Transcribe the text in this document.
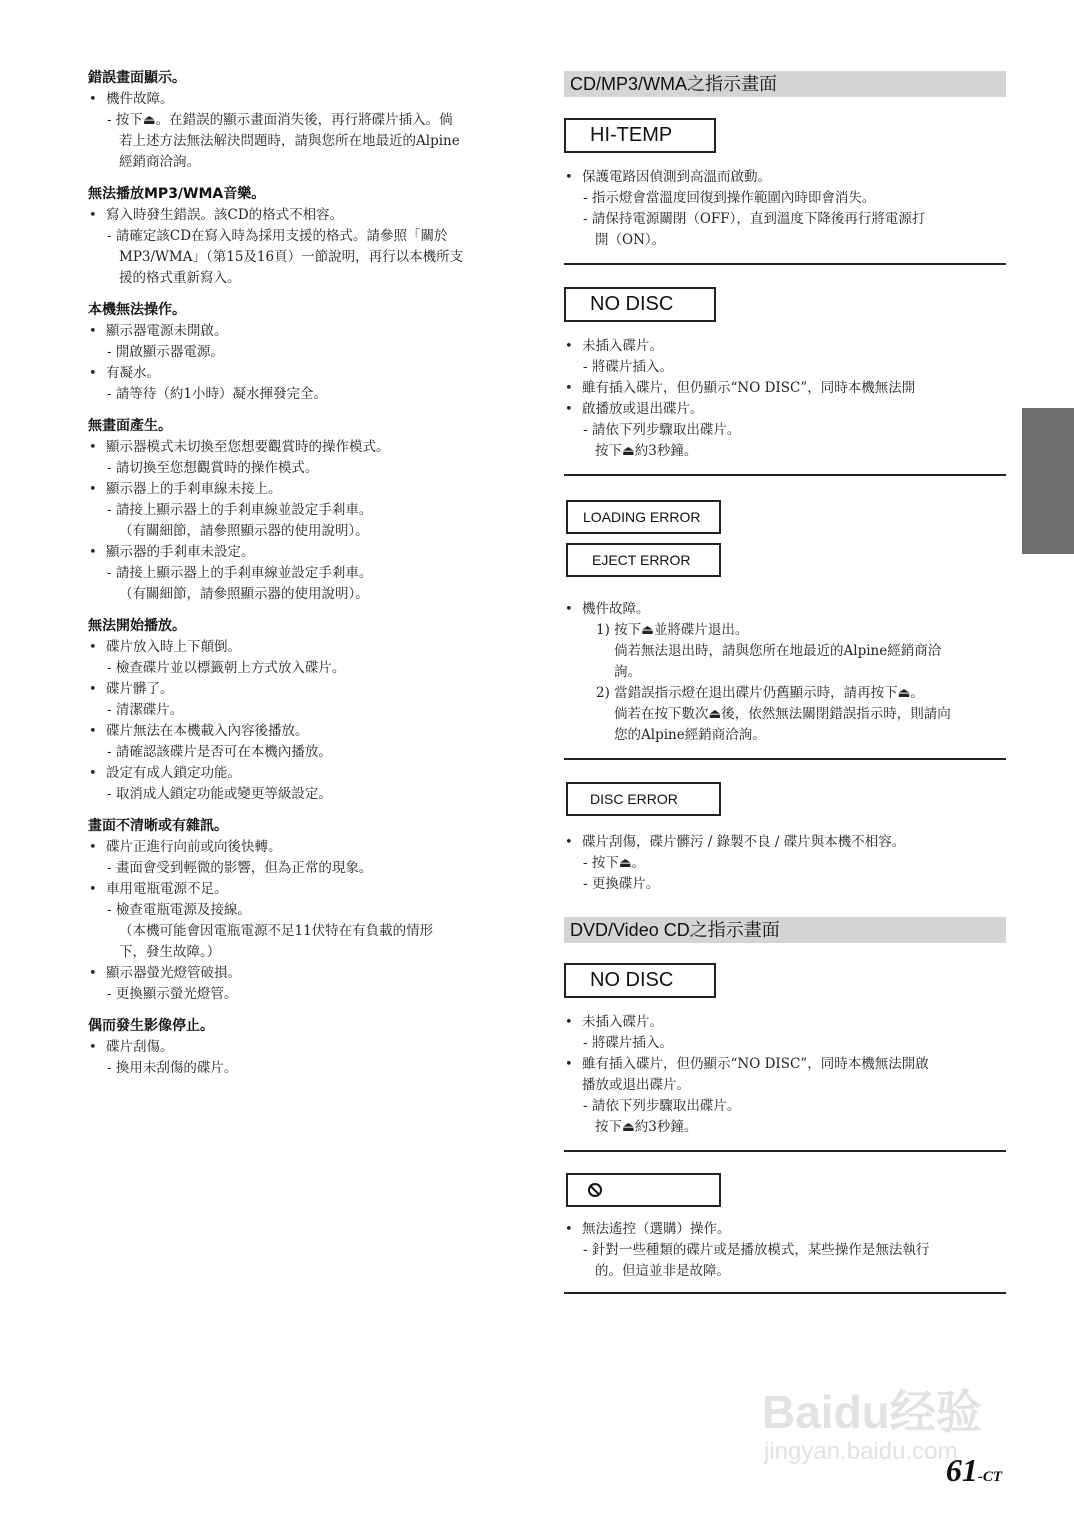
錯誤畫面顯示。
• 機件故障。
- 按下⏏。在錯誤的顯示畫面消失後，再行將碟片插入。倘
若上述方法無法解決問題時，請與您所在地最近的Alpine
經銷商洽詢。
無法播放MP3/WMA音樂。
• 寫入時發生錯誤。該CD的格式不相容。
- 請確定該CD在寫入時為採用支援的格式。請參照「關於
MP3/WMA」（第15及16頁）一節說明，再行以本機所支
援的格式重新寫入。
本機無法操作。
• 顯示器電源未開啟。
- 開啟顯示器電源。
• 有凝水。
- 請等待（約1小時）凝水揮發完全。
無畫面產生。
• 顯示器模式未切換至您想要觀賞時的操作模式。
- 請切換至您想觀賞時的操作模式。
• 顯示器上的手剎車線未接上。
- 請接上顯示器上的手剎車線並設定手剎車。
（有關細節，請參照顯示器的使用說明）。
• 顯示器的手剎車未設定。
- 請接上顯示器上的手剎車線並設定手剎車。
（有關細節，請參照顯示器的使用說明）。
無法開始播放。
• 碟片放入時上下顛倒。
- 檢查碟片並以標籤朝上方式放入碟片。
• 碟片髒了。
- 清潔碟片。
• 碟片無法在本機載入內容後播放。
- 請確認該碟片是否可在本機內播放。
• 設定有成人鎖定功能。
- 取消成人鎖定功能或變更等級設定。
畫面不清晰或有雜訊。
• 碟片正進行向前或向後快轉。
- 畫面會受到輕微的影響，但為正常的現象。
• 車用電瓶電源不足。
- 檢查電瓶電源及接線。
（本機可能會因電瓶電源不足11伏特在有負載的情形
下，發生故障。）
• 顯示器螢光燈管破損。
- 更換顯示螢光燈管。
偶而發生影像停止。
• 碟片刮傷。
- 換用未刮傷的碟片。
CD/MP3/WMA之指示畫面
HI-TEMP
• 保護電路因偵測到高溫而啟動。
- 指示燈會當溫度回復到操作範圍內時即會消失。
- 請保持電源關閉（OFF），直到溫度下降後再行將電源打
開（ON）。
NO DISC
• 未插入碟片。
- 將碟片插入。
• 雖有插入碟片，但仍顯示“NO DISC”，同時本機無法開
• 啟播放或退出碟片。
- 請依下列步驟取出碟片。
按下⏏約3秒鐘。
LOADING ERROR
EJECT ERROR
• 機件故障。
1) 按下⏏並將碟片退出。
倘若無法退出時，請與您所在地最近的Alpine經銷商洽
詢。
2) 當錯誤指示燈在退出碟片仍舊顯示時，請再按下⏏。
倘若在按下數次⏏後，依然無法關閉錯誤指示時，則請向
您的Alpine經銷商洽詢。
DISC ERROR
• 碟片刮傷，碟片髒污 / 錄製不良 / 碟片與本機不相容。
- 按下⏏。
- 更換碟片。
DVD/Video CD之指示畫面
NO DISC
• 未插入碟片。
- 將碟片插入。
• 雖有插入碟片，但仍顯示“NO DISC”，同時本機無法開啟
播放或退出碟片。
- 請依下列步驟取出碟片。
按下⏏約3秒鐘。
• 無法遙控（選購）操作。
- 針對一些種類的碟片或是播放模式，某些操作是無法執行
的。但這並非是故障。
Baidu经验
jingyan.baidu.com
61-CT
